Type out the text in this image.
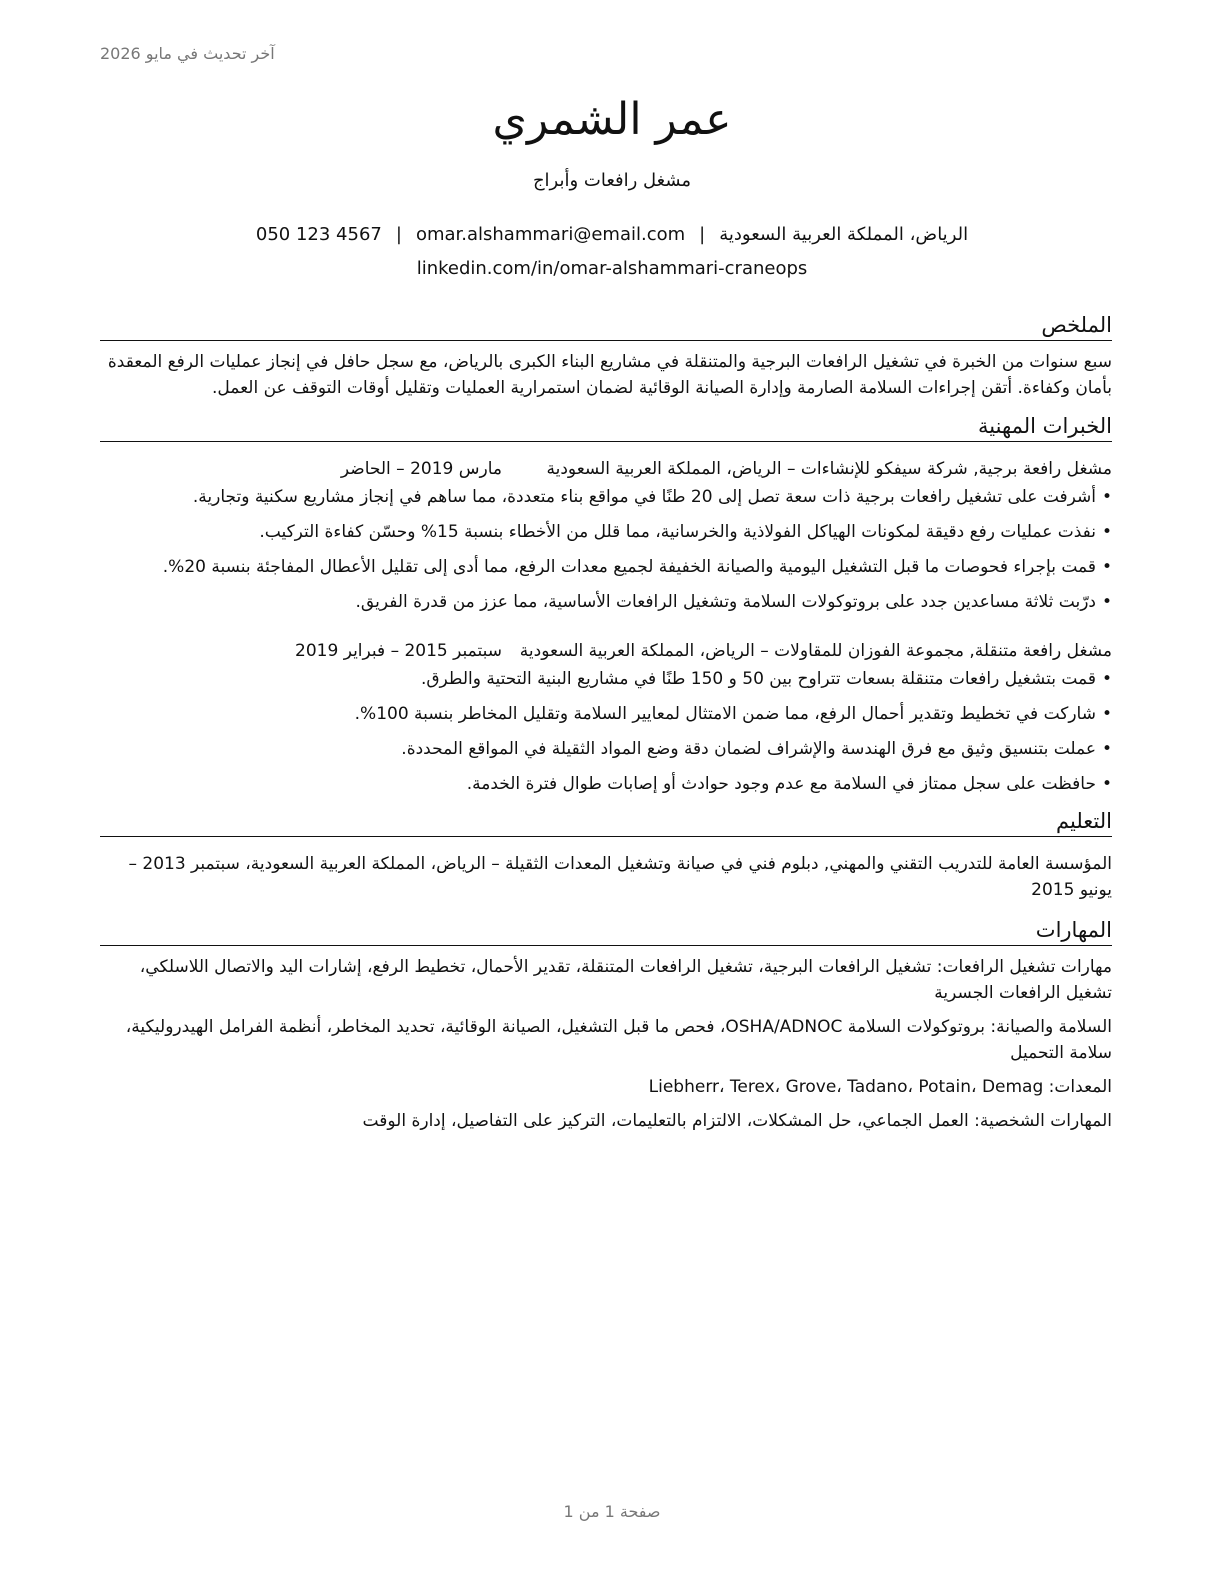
آخر تحديث في مايو 2026
عمر الشمري
مشغل رافعات وأبراج
الرياض، المملكة العربية السعودية|omar.alshammari@email.com|050 123 4567
linkedin.com/in/omar-alshammari-craneops
الملخص

سبع سنوات من الخبرة في تشغيل الرافعات البرجية والمتنقلة في مشاريع البناء الكبرى بالرياض، مع سجل حافل في إنجاز عمليات الرفع المعقدة بأمان وكفاءة. أتقن إجراءات السلامة الصارمة وإدارة الصيانة الوقائية لضمان استمرارية العمليات وتقليل أوقات التوقف عن العمل.

الخبرات المهنية
مشغل رافعة برجية, شركة سيفكو للإنشاءات – الرياض، المملكة العربية السعودية
مارس 2019 – الحاضر
•
أشرفت على تشغيل رافعات برجية ذات سعة تصل إلى 20 طنًا في مواقع بناء متعددة، مما ساهم في إنجاز مشاريع سكنية وتجارية.
•
نفذت عمليات رفع دقيقة لمكونات الهياكل الفولاذية والخرسانية، مما قلل من الأخطاء بنسبة 15% وحسّن كفاءة التركيب.
•
قمت بإجراء فحوصات ما قبل التشغيل اليومية والصيانة الخفيفة لجميع معدات الرفع، مما أدى إلى تقليل الأعطال المفاجئة بنسبة 20%.
•
درّبت ثلاثة مساعدين جدد على بروتوكولات السلامة وتشغيل الرافعات الأساسية، مما عزز من قدرة الفريق.
مشغل رافعة متنقلة, مجموعة الفوزان للمقاولات – الرياض، المملكة العربية السعودية
سبتمبر 2015 – فبراير 2019
•
قمت بتشغيل رافعات متنقلة بسعات تتراوح بين 50 و 150 طنًا في مشاريع البنية التحتية والطرق.
•
شاركت في تخطيط وتقدير أحمال الرفع، مما ضمن الامتثال لمعايير السلامة وتقليل المخاطر بنسبة 100%.
•
عملت بتنسيق وثيق مع فرق الهندسة والإشراف لضمان دقة وضع المواد الثقيلة في المواقع المحددة.
•
حافظت على سجل ممتاز في السلامة مع عدم وجود حوادث أو إصابات طوال فترة الخدمة.
التعليم
المؤسسة العامة للتدريب التقني والمهني, دبلوم فني في صيانة وتشغيل المعدات الثقيلة – الرياض، المملكة العربية السعودية، سبتمبر 2013 – يونيو 2015
المهارات
مهارات تشغيل الرافعات: تشغيل الرافعات البرجية، تشغيل الرافعات المتنقلة، تقدير الأحمال، تخطيط الرفع، إشارات اليد والاتصال اللاسلكي، تشغيل الرافعات الجسرية
السلامة والصيانة: بروتوكولات السلامة OSHA/ADNOC، فحص ما قبل التشغيل، الصيانة الوقائية، تحديد المخاطر، أنظمة الفرامل الهيدروليكية، سلامة التحميل
المعدات: Liebherr، Terex، Grove، Tadano، Potain، Demag
المهارات الشخصية: العمل الجماعي، حل المشكلات، الالتزام بالتعليمات، التركيز على التفاصيل، إدارة الوقت
صفحة 1 من 1
